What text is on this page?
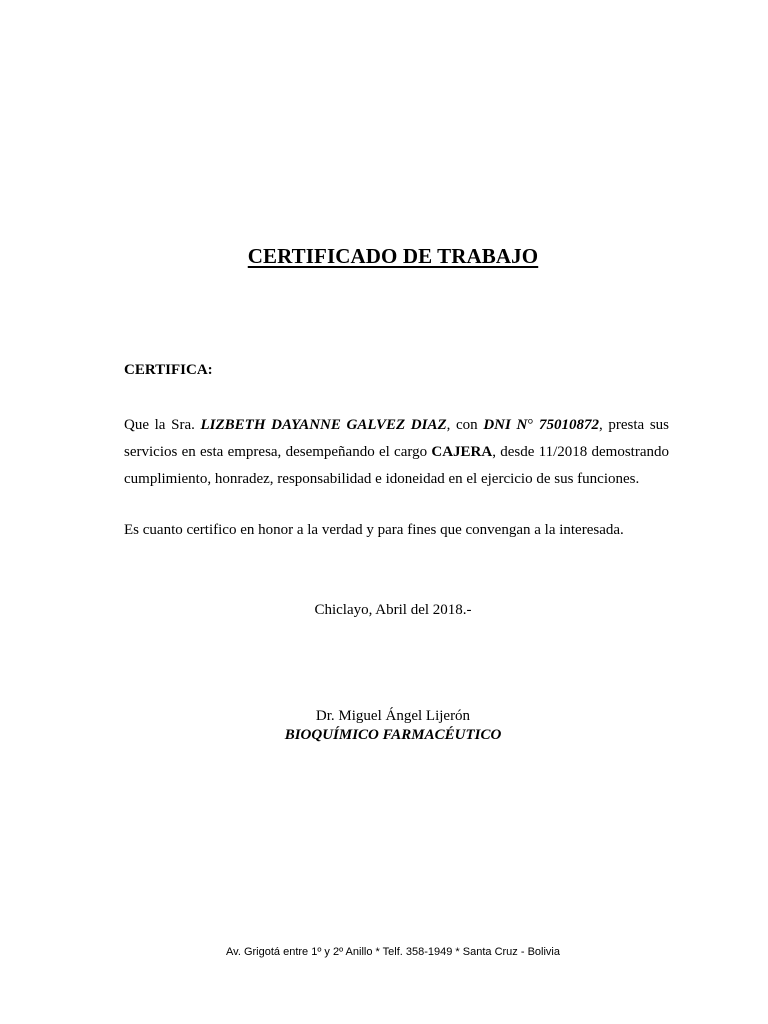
CERTIFICADO DE TRABAJO
CERTIFICA:
Que la Sra. LIZBETH DAYANNE GALVEZ DIAZ, con DNI N° 75010872, presta sus
servicios en esta empresa, desempeñando el cargo CAJERA, desde 11/2018 demostrando
cumplimiento, honradez, responsabilidad e idoneidad en el ejercicio de sus funciones.
Es cuanto certifico en honor a la verdad y para fines que convengan a la interesada.
Chiclayo, Abril del 2018.-
Dr. Miguel Ángel Lijerón
BIOQUÍMICO FARMACÉUTICO
Av. Grigotá entre 1º y 2º Anillo * Telf. 358-1949 * Santa Cruz - Bolivia
